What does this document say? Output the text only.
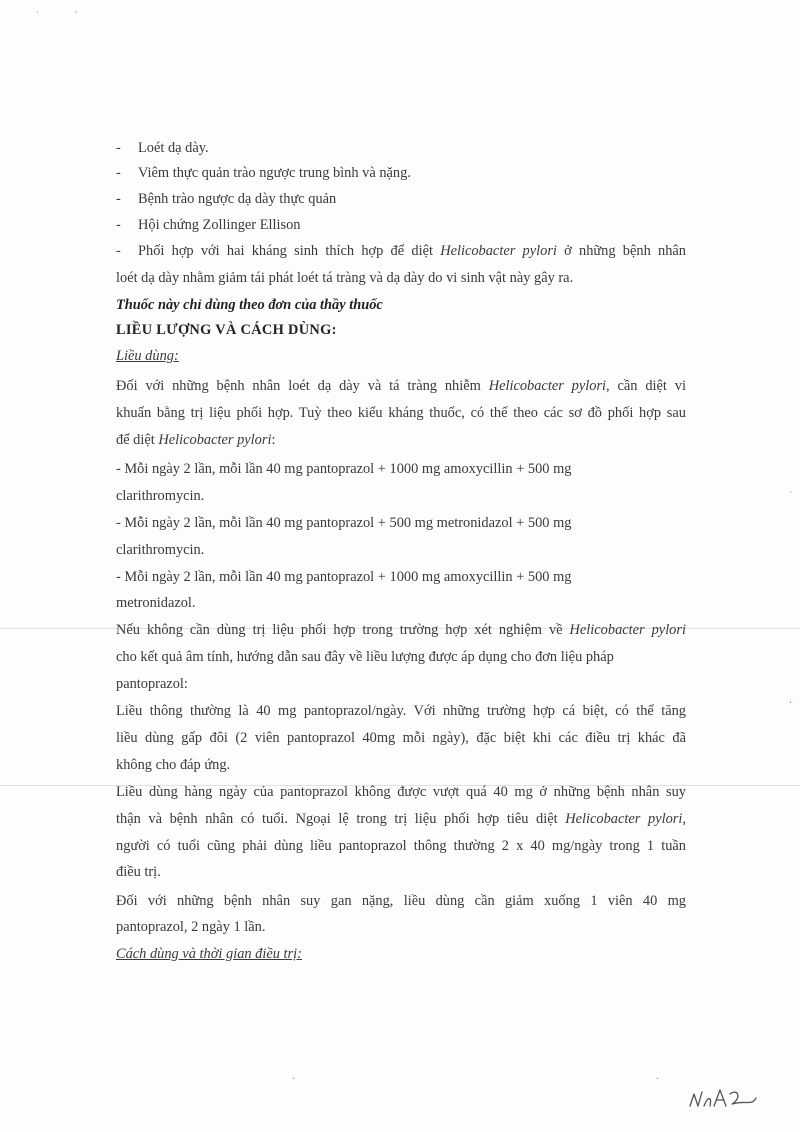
·	·
·
·
- Loét dạ dày.
- Viêm thực quản trào ngược trung bình và nặng.
- Bệnh trào ngược dạ dày thực quản
- Hội chứng Zollinger Ellison
- Phối hợp với hai kháng sinh thích hợp để diệt Helicobacter pylori ở những bệnh nhân
loét dạ dày nhằm giảm tái phát loét tá tràng và dạ dày do vi sinh vật này gây ra.
Thuốc này chỉ dùng theo đơn của thầy thuốc
LIỀU LƯỢNG VÀ CÁCH DÙNG:
Liều dùng:
Đối với những bệnh nhân loét dạ dày và tá tràng nhiễm Helicobacter pylori, cần diệt vi
khuẩn bằng trị liệu phối hợp. Tuỳ theo kiểu kháng thuốc, có thể theo các sơ đồ phối hợp sau
để diệt Helicobacter pylori:
- Mỗi ngày 2 lần, mỗi lần 40 mg pantoprazol + 1000 mg amoxycillin + 500 mg
clarithromycin.
- Mỗi ngày 2 lần, mỗi lần 40 mg pantoprazol + 500 mg metronidazol + 500 mg
clarithromycin.
- Mỗi ngày 2 lần, mỗi lần 40 mg pantoprazol + 1000 mg amoxycillin + 500 mg
metronidazol.
Nếu không cần dùng trị liệu phối hợp trong trường hợp xét nghiệm về Helicobacter pylori
cho kết quả âm tính, hướng dẫn sau đây về liều lượng được áp dụng cho đơn liệu pháp
pantoprazol:
Liều thông thường là 40 mg pantoprazol/ngày. Với những trường hợp cá biệt, có thể tăng
liều dùng gấp đôi (2 viên pantoprazol 40mg mỗi ngày), đặc biệt khi các điều trị khác đã
không cho đáp ứng.
Liều dùng hàng ngày của pantoprazol không được vượt quá 40 mg ở những bệnh nhân suy
thận và bệnh nhân có tuổi. Ngoại lệ trong trị liệu phối hợp tiêu diệt Helicobacter pylori,
người có tuổi cũng phải dùng liều pantoprazol thông thường 2 x 40 mg/ngày trong 1 tuần
điều trị.
Đối với những bệnh nhân suy gan nặng, liều dùng cần giảm xuống 1 viên 40 mg
pantoprazol, 2 ngày 1 lần.
Cách dùng và thời gian điều trị:
.	.
